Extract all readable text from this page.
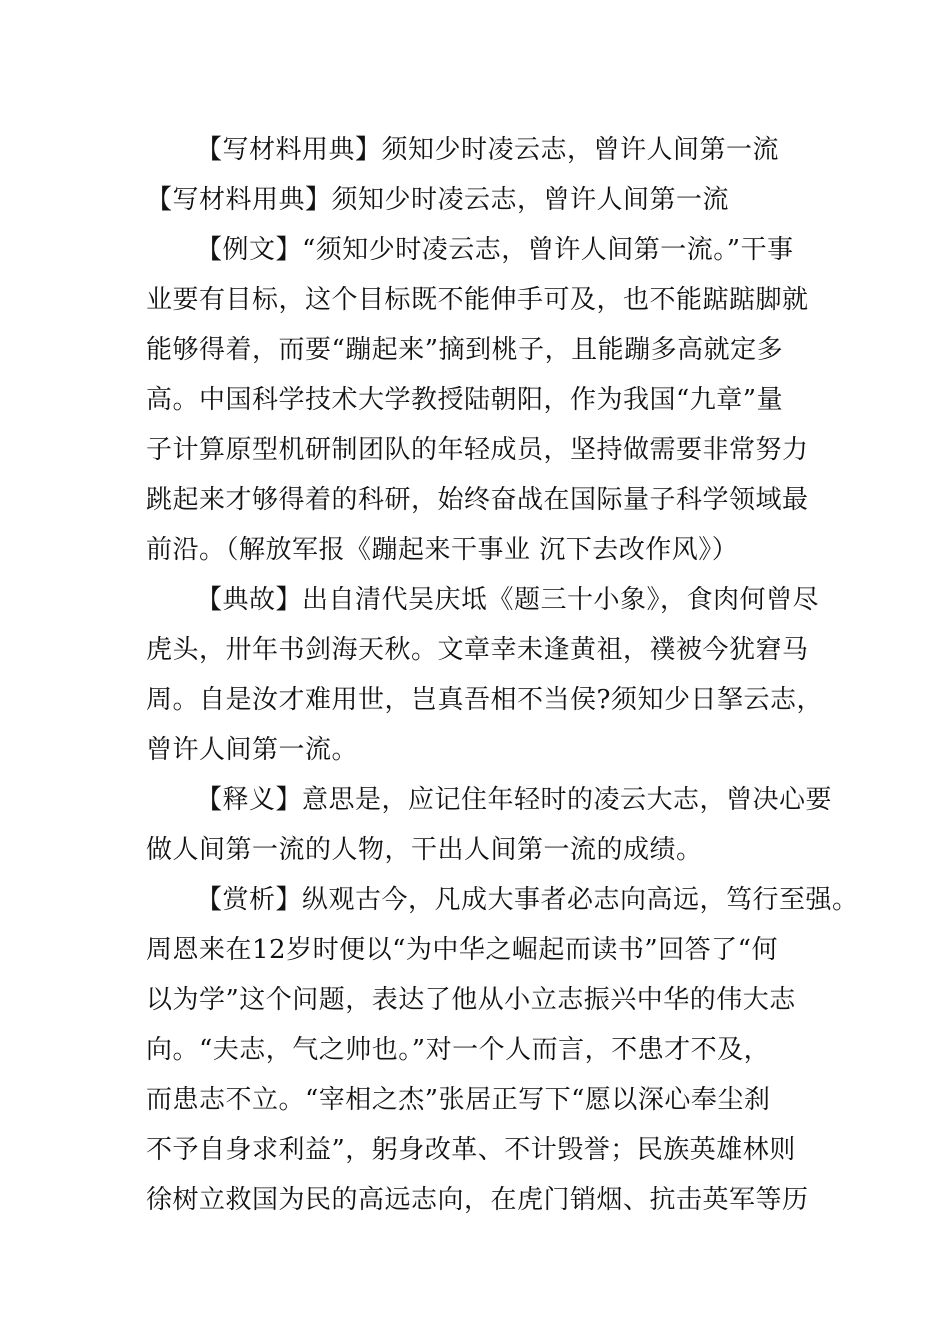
【写材料用典】须知少时凌云志，曾许人间第一流
【写材料用典】须知少时凌云志，曾许人间第一流
【例文】“须知少时凌云志，曾许人间第一流。”干事
业要有目标，这个目标既不能伸手可及，也不能踮踮脚就
能够得着，而要“蹦起来”摘到桃子，且能蹦多高就定多
高。中国科学技术大学教授陆朝阳，作为我国“九章”量
子计算原型机研制团队的年轻成员，坚持做需要非常努力
跳起来才够得着的科研，始终奋战在国际量子科学领域最
前沿。（解放军报《蹦起来干事业 沉下去改作风》）
【典故】出自清代吴庆坻《题三十小象》，食肉何曾尽
虎头，卅年书剑海天秋。文章幸未逢黄祖，襆被今犹窘马
周。自是汝才难用世，岂真吾相不当侯?须知少日拏云志，
曾许人间第一流。
【释义】意思是，应记住年轻时的凌云大志，曾决心要
做人间第一流的人物，干出人间第一流的成绩。
【赏析】纵观古今，凡成大事者必志向高远，笃行至强。
周恩来在12岁时便以“为中华之崛起而读书”回答了“何
以为学”这个问题，表达了他从小立志振兴中华的伟大志
向。“夫志，气之帅也。”对一个人而言，不患才不及，
而患志不立。“宰相之杰”张居正写下“愿以深心奉尘刹
不予自身求利益”，躬身改革、不计毁誉；民族英雄林则
徐树立救国为民的高远志向，在虎门销烟、抗击英军等历
